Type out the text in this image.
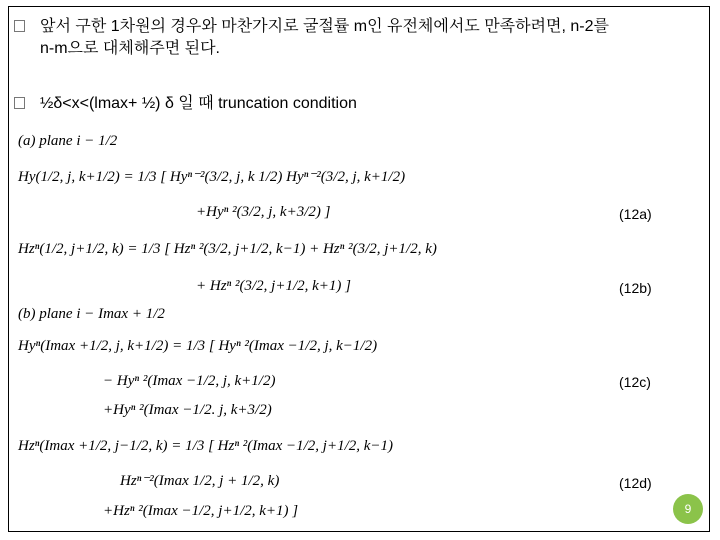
앞서 구한 1차원의 경우와 마찬가지로 굴절률 m인 유전체에서도 만족하려면, n-2를
n-m으로 대체해주면 된다.
½δ<x<(lmax+ ½) δ 일 때 truncation condition
(a) plane i − 1/2
Hy(1/2, j, k+1/2) = 1/3 [ Hyⁿ⁻²(3/2, j, k 1/2) Hyⁿ⁻²(3/2, j, k+1/2)
+Hyⁿ ²(3/2, j, k+3/2) ]	(12a)
Hzⁿ(1/2, j+1/2, k) = 1/3 [ Hzⁿ ²(3/2, j+1/2, k−1) + Hzⁿ ²(3/2, j+1/2, k)
+ Hzⁿ ²(3/2, j+1/2, k+1) ]	(12b)
(b) plane i − Imax + 1/2
Hyⁿ(Imax +1/2, j, k+1/2) = 1/3 [ Hyⁿ ²(Imax −1/2, j, k−1/2)
− Hyⁿ ²(Imax −1/2, j, k+1/2)
+Hyⁿ ²(Imax −1/2. j, k+3/2)
(12c)
Hzⁿ(Imax +1/2, j−1/2, k) = 1/3 [ Hzⁿ ²(Imax −1/2, j+1/2, k−1)
Hzⁿ⁻²(Imax 1/2, j + 1/2, k)
+Hzⁿ ²(Imax −1/2, j+1/2, k+1) ]
(12d)
9
